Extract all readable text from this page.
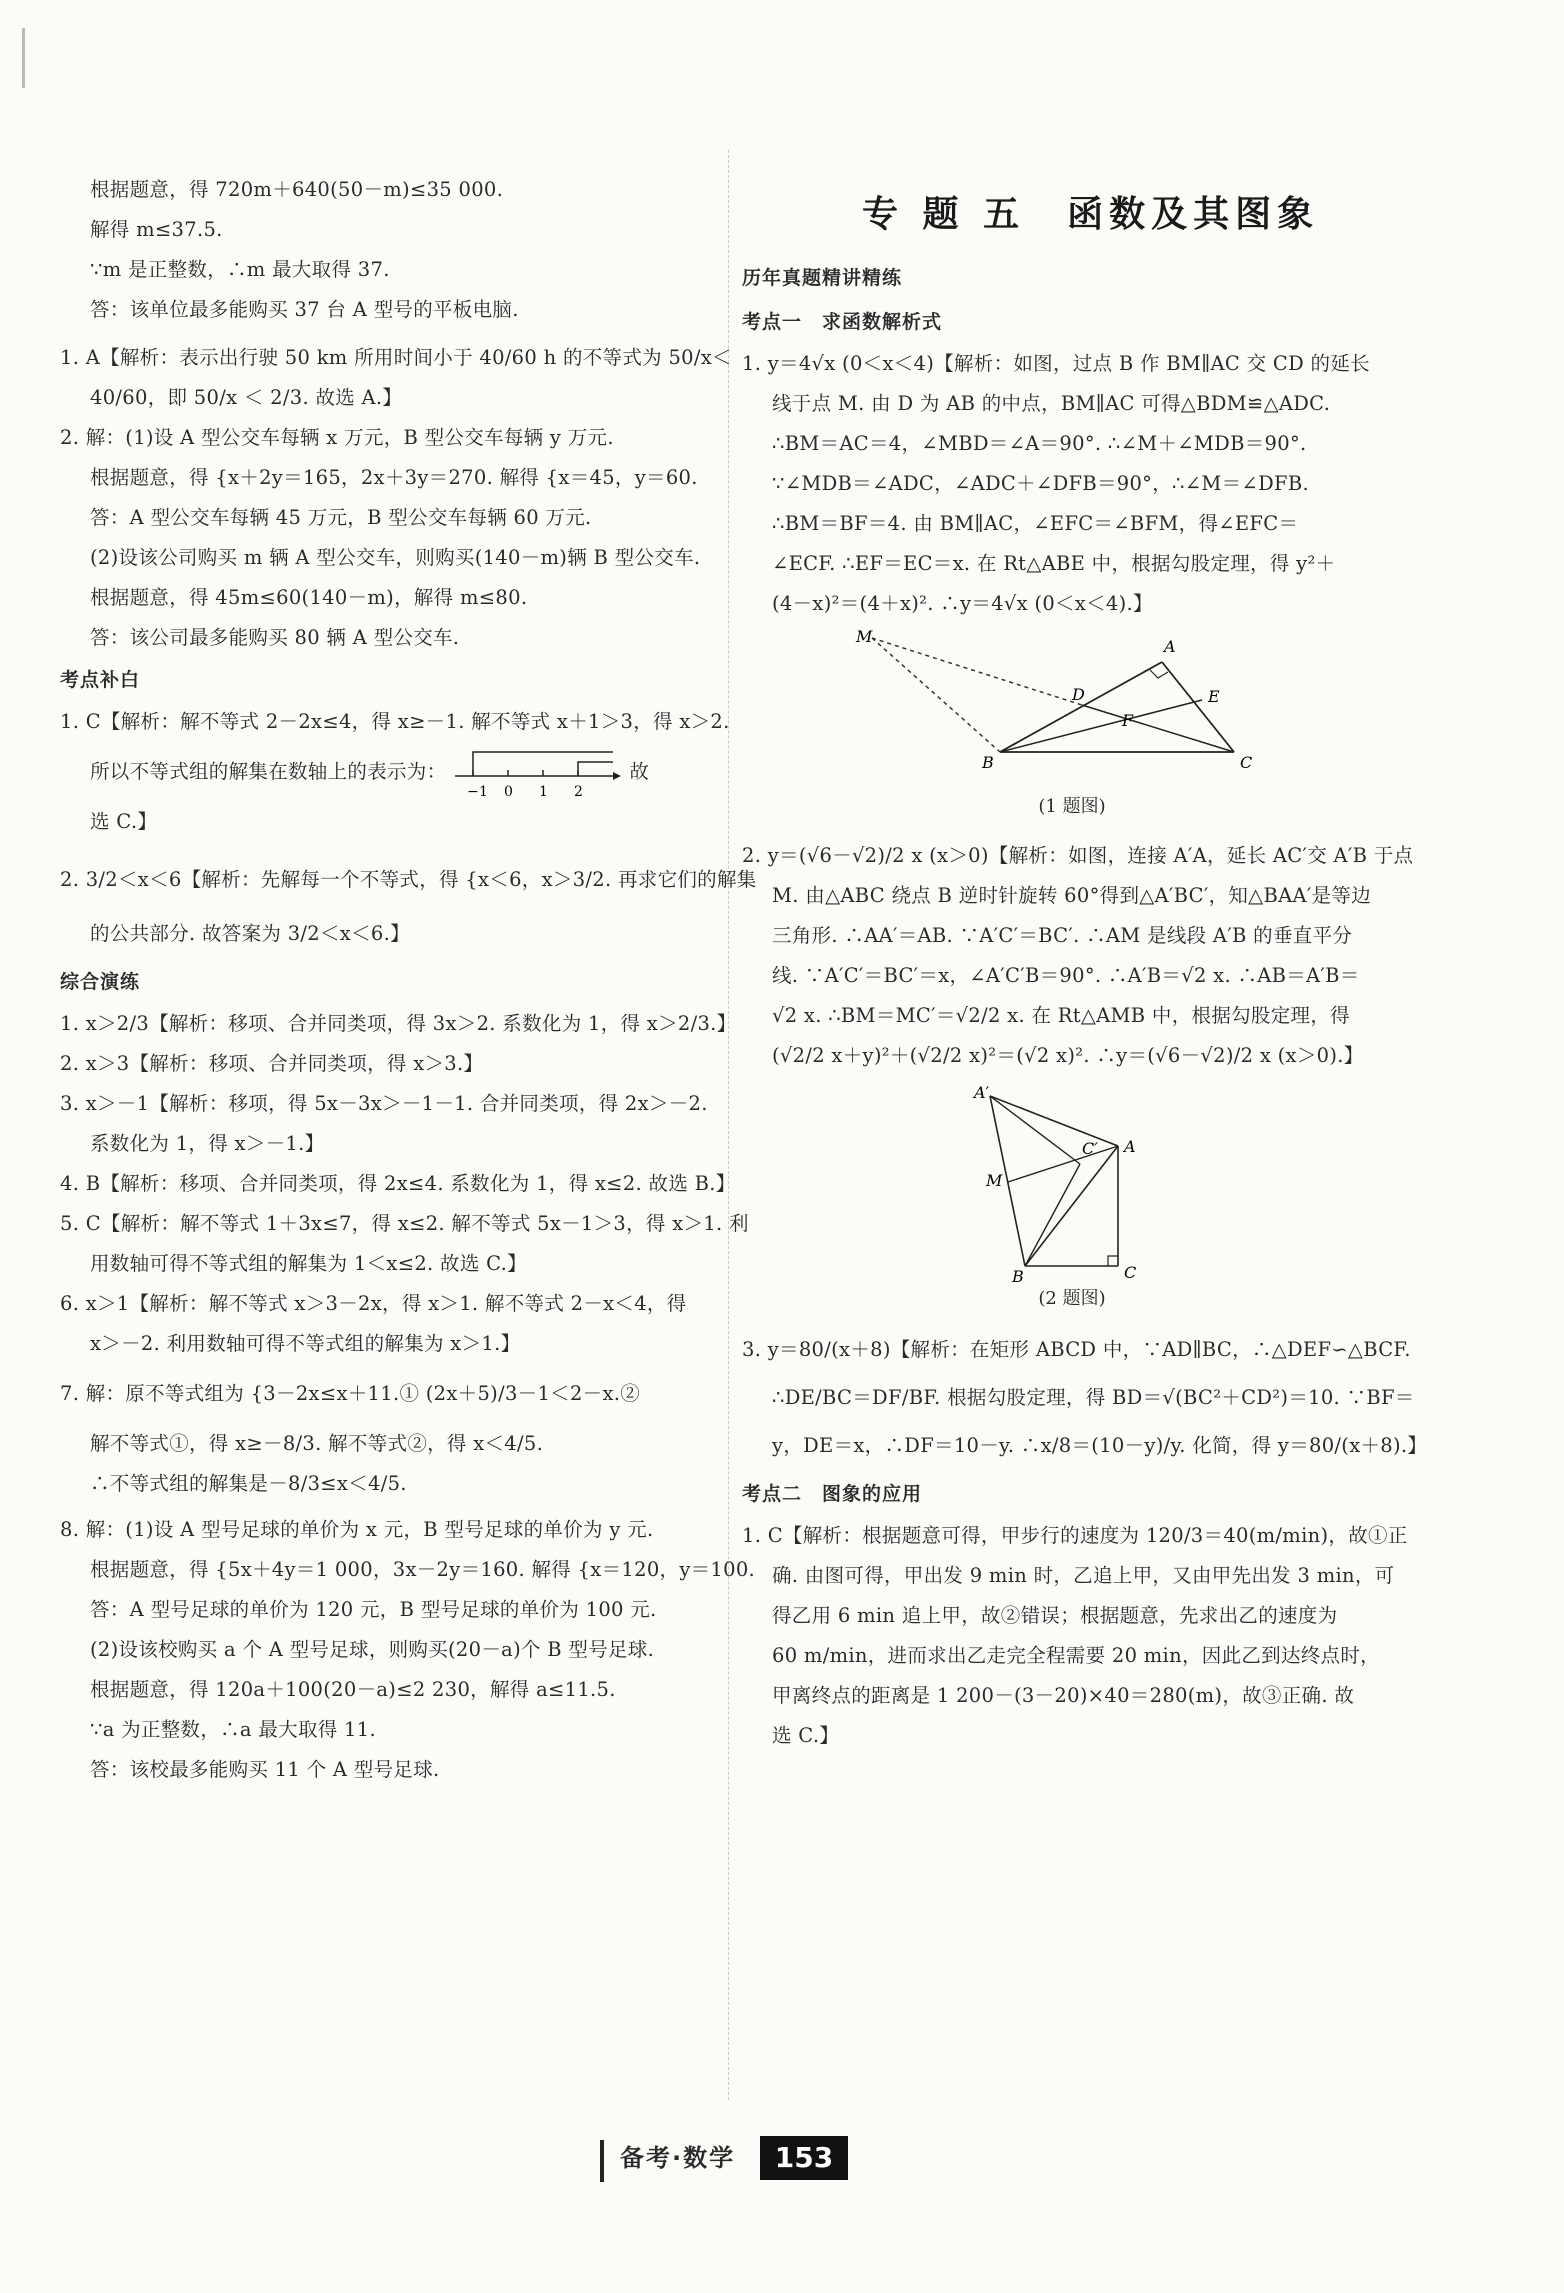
专 题 五　函数及其图象
根据题意，得 720m＋640(50－m)≤35 000.
解得 m≤37.5.
∵m 是正整数，∴m 最大取得 37.
答：该单位最多能购买 37 台 A 型号的平板电脑.
1. A【解析：表示出行驶 50 km 所用时间小于 40/60 h 的不等式为 50/x＜
40/60，即 50/x ＜ 2/3. 故选 A.】
2. 解：(1)设 A 型公交车每辆 x 万元，B 型公交车每辆 y 万元.
根据题意，得 {x＋2y＝165，2x＋3y＝270. 解得 {x＝45，y＝60.
答：A 型公交车每辆 45 万元，B 型公交车每辆 60 万元.
(2)设该公司购买 m 辆 A 型公交车，则购买(140－m)辆 B 型公交车.
根据题意，得 45m≤60(140－m)，解得 m≤80.
答：该公司最多能购买 80 辆 A 型公交车.
考点补白
1. C【解析：解不等式 2－2x≤4，得 x≥－1. 解不等式 x＋1＞3，得 x＞2.
所以不等式组的解集在数轴上的表示为：
−1 0 1 2
故
选 C.】
2. 3/2＜x＜6【解析：先解每一个不等式，得 {x＜6，x＞3/2. 再求它们的解集
的公共部分. 故答案为 3/2＜x＜6.】
综合演练
1. x＞2/3【解析：移项、合并同类项，得 3x＞2. 系数化为 1，得 x＞2/3.】
2. x＞3【解析：移项、合并同类项，得 x＞3.】
3. x＞－1【解析：移项，得 5x－3x＞－1－1. 合并同类项，得 2x＞－2.
系数化为 1，得 x＞－1.】
4. B【解析：移项、合并同类项，得 2x≤4. 系数化为 1，得 x≤2. 故选 B.】
5. C【解析：解不等式 1＋3x≤7，得 x≤2. 解不等式 5x－1＞3，得 x＞1. 利
用数轴可得不等式组的解集为 1＜x≤2. 故选 C.】
6. x＞1【解析：解不等式 x＞3－2x，得 x＞1. 解不等式 2－x＜4，得
x＞－2. 利用数轴可得不等式组的解集为 x＞1.】
7. 解：原不等式组为 {3－2x≤x＋11.① (2x＋5)/3－1＜2－x.②
解不等式①，得 x≥－8/3. 解不等式②，得 x＜4/5.
∴不等式组的解集是－8/3≤x＜4/5.
8. 解：(1)设 A 型号足球的单价为 x 元，B 型号足球的单价为 y 元.
根据题意，得 {5x＋4y＝1 000，3x－2y＝160. 解得 {x＝120，y＝100.
答：A 型号足球的单价为 120 元，B 型号足球的单价为 100 元.
(2)设该校购买 a 个 A 型号足球，则购买(20－a)个 B 型号足球.
根据题意，得 120a＋100(20－a)≤2 230，解得 a≤11.5.
∵a 为正整数，∴a 最大取得 11.
答：该校最多能购买 11 个 A 型号足球.
历年真题精讲精练
考点一　求函数解析式
1. y＝4√x (0＜x＜4)【解析：如图，过点 B 作 BM∥AC 交 CD 的延长
线于点 M. 由 D 为 AB 的中点，BM∥AC 可得△BDM≌△ADC.
∴BM＝AC＝4，∠MBD＝∠A＝90°. ∴∠M＋∠MDB＝90°.
∵∠MDB＝∠ADC，∠ADC＋∠DFB＝90°，∴∠M＝∠DFB.
∴BM＝BF＝4. 由 BM∥AC，∠EFC＝∠BFM，得∠EFC＝
∠ECF. ∴EF＝EC＝x. 在 Rt△ABE 中，根据勾股定理，得 y²＋
(4－x)²＝(4＋x)². ∴y＝4√x (0＜x＜4).】
M
A
D	E
F
B	C
(1 题图)
2. y＝(√6－√2)/2 x (x＞0)【解析：如图，连接 A′A，延长 AC′交 A′B 于点
M. 由△ABC 绕点 B 逆时针旋转 60°得到△A′BC′，知△BAA′是等边
三角形. ∴AA′＝AB. ∵A′C′＝BC′. ∴AM 是线段 A′B 的垂直平分
线. ∵A′C′＝BC′＝x，∠A′C′B＝90°. ∴A′B＝√2 x. ∴AB＝A′B＝
√2 x. ∴BM＝MC′＝√2/2 x. 在 Rt△AMB 中，根据勾股定理，得
(√2/2 x＋y)²＋(√2/2 x)²＝(√2 x)². ∴y＝(√6－√2)/2 x (x＞0).】
A′
C′ A
M
B	C
(2 题图)
3. y＝80/(x＋8)【解析：在矩形 ABCD 中，∵AD∥BC，∴△DEF∽△BCF.
∴DE/BC＝DF/BF. 根据勾股定理，得 BD＝√(BC²＋CD²)＝10. ∵BF＝
y，DE＝x，∴DF＝10－y. ∴x/8＝(10－y)/y. 化简，得 y＝80/(x＋8).】
考点二　图象的应用
1. C【解析：根据题意可得，甲步行的速度为 120/3＝40(m/min)，故①正
确. 由图可得，甲出发 9 min 时，乙追上甲，又由甲先出发 3 min，可
得乙用 6 min 追上甲，故②错误；根据题意，先求出乙的速度为
60 m/min，进而求出乙走完全程需要 20 min，因此乙到达终点时，
甲离终点的距离是 1 200－(3－20)×40＝280(m)，故③正确. 故
选 C.】
备考·数学	153
